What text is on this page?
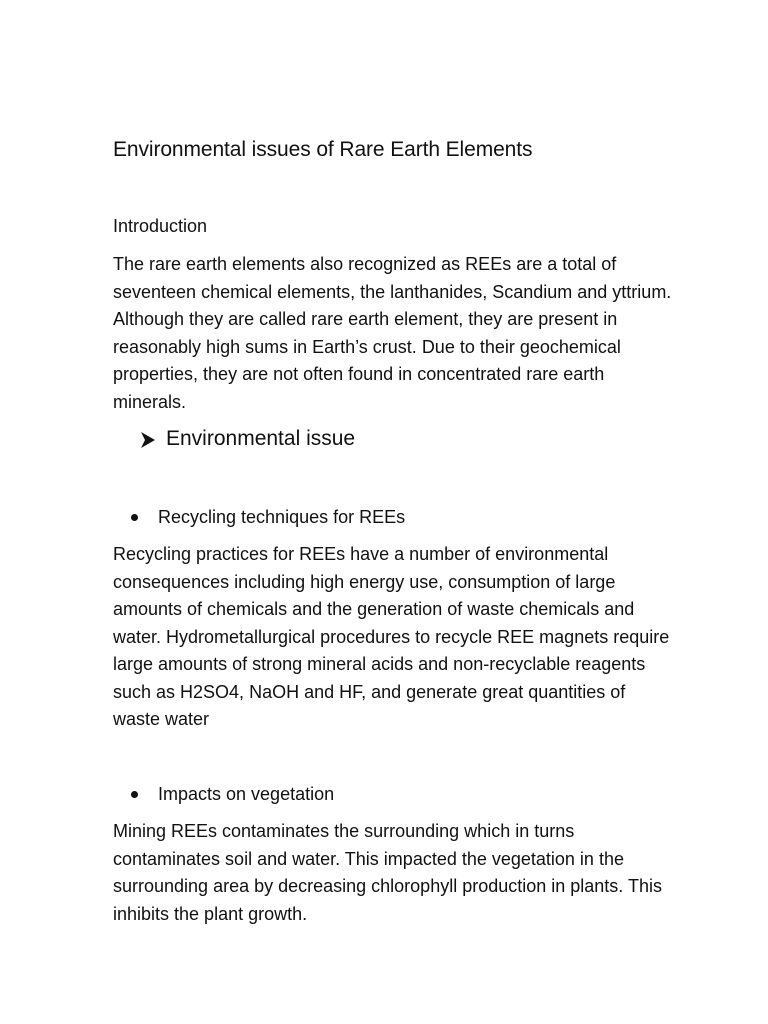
Environmental issues of Rare Earth Elements
Introduction

The rare earth elements also recognized as REEs are a total of seventeen chemical elements, the lanthanides, Scandium and yttrium. Although they are called rare earth element, they are present in reasonably high sums in Earth’s crust. Due to their geochemical properties, they are not often found in concentrated rare earth minerals.

Environmental issue
Recycling techniques for REEs

Recycling practices for REEs have a number of environmental consequences including high energy use, consumption of large amounts of chemicals and the generation of waste chemicals and water. Hydrometallurgical procedures to recycle REE magnets require large amounts of strong mineral acids and non-recyclable reagents such as H2SO4, NaOH and HF, and generate great quantities of waste water

Impacts on vegetation

Mining REEs contaminates the surrounding which in turns contaminates soil and water. This impacted the vegetation in the surrounding area by decreasing chlorophyll production in plants. This inhibits the plant growth.
